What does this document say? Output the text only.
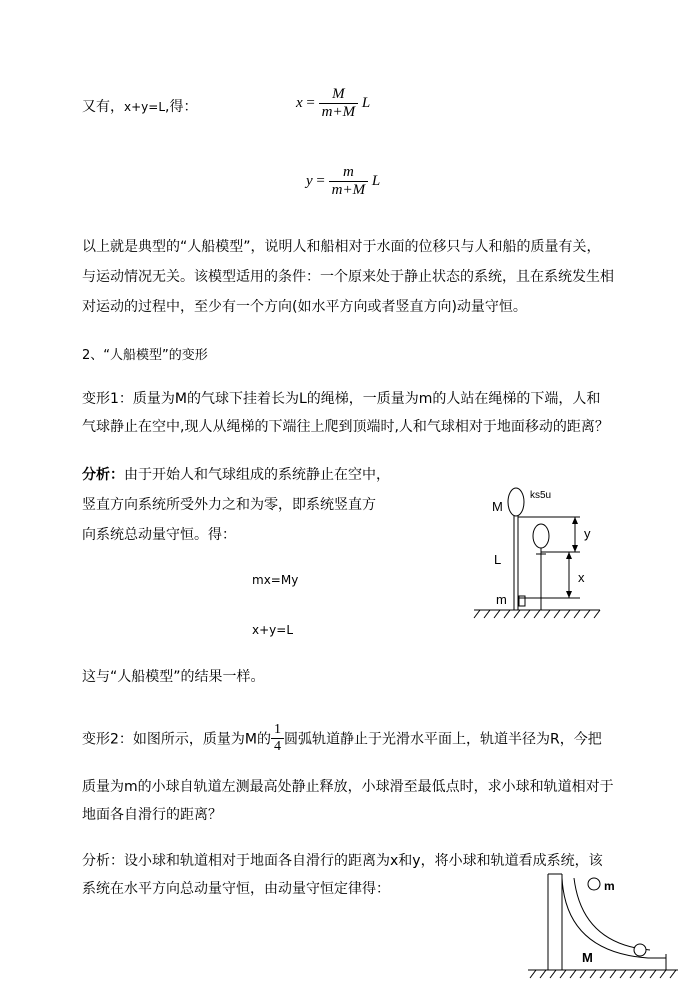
又有，x+y=L,得：	$x = \frac{M}{m+M}$ L
$y = \frac{m}{m+M}$ L
以上就是典型的“人船模型”，说明人和船相对于水面的位移只与人和船的质量有关，
与运动情况无关。该模型适用的条件：一个原来处于静止状态的系统，且在系统发生相
对运动的过程中，至少有一个方向(如水平方向或者竖直方向)动量守恒。
2、“人船模型”的变形
变形1：质量为M的气球下挂着长为L的绳梯，一质量为m的人站在绳梯的下端，人和
气球静止在空中,现人从绳梯的下端往上爬到顶端时,人和气球相对于地面移动的距离？
分析：由于开始人和气球组成的系统静止在空中，
竖直方向系统所受外力之和为零，即系统竖直方
向系统总动量守恒。得：
mx=My
x+y=L
这与“人船模型”的结果一样。
M
ks5u
L
m
y
x
变形2：如图所示，质量为M的 $\frac{1}{4}$ 圆弧轨道静止于光滑水平面上，轨道半径为R，今把
质量为m的小球自轨道左测最高处静止释放，小球滑至最低点时，求小球和轨道相对于
地面各自滑行的距离？
分析：设小球和轨道相对于地面各自滑行的距离为x和y，将小球和轨道看成系统，该
系统在水平方向总动量守恒，由动量守恒定律得：	m
M
